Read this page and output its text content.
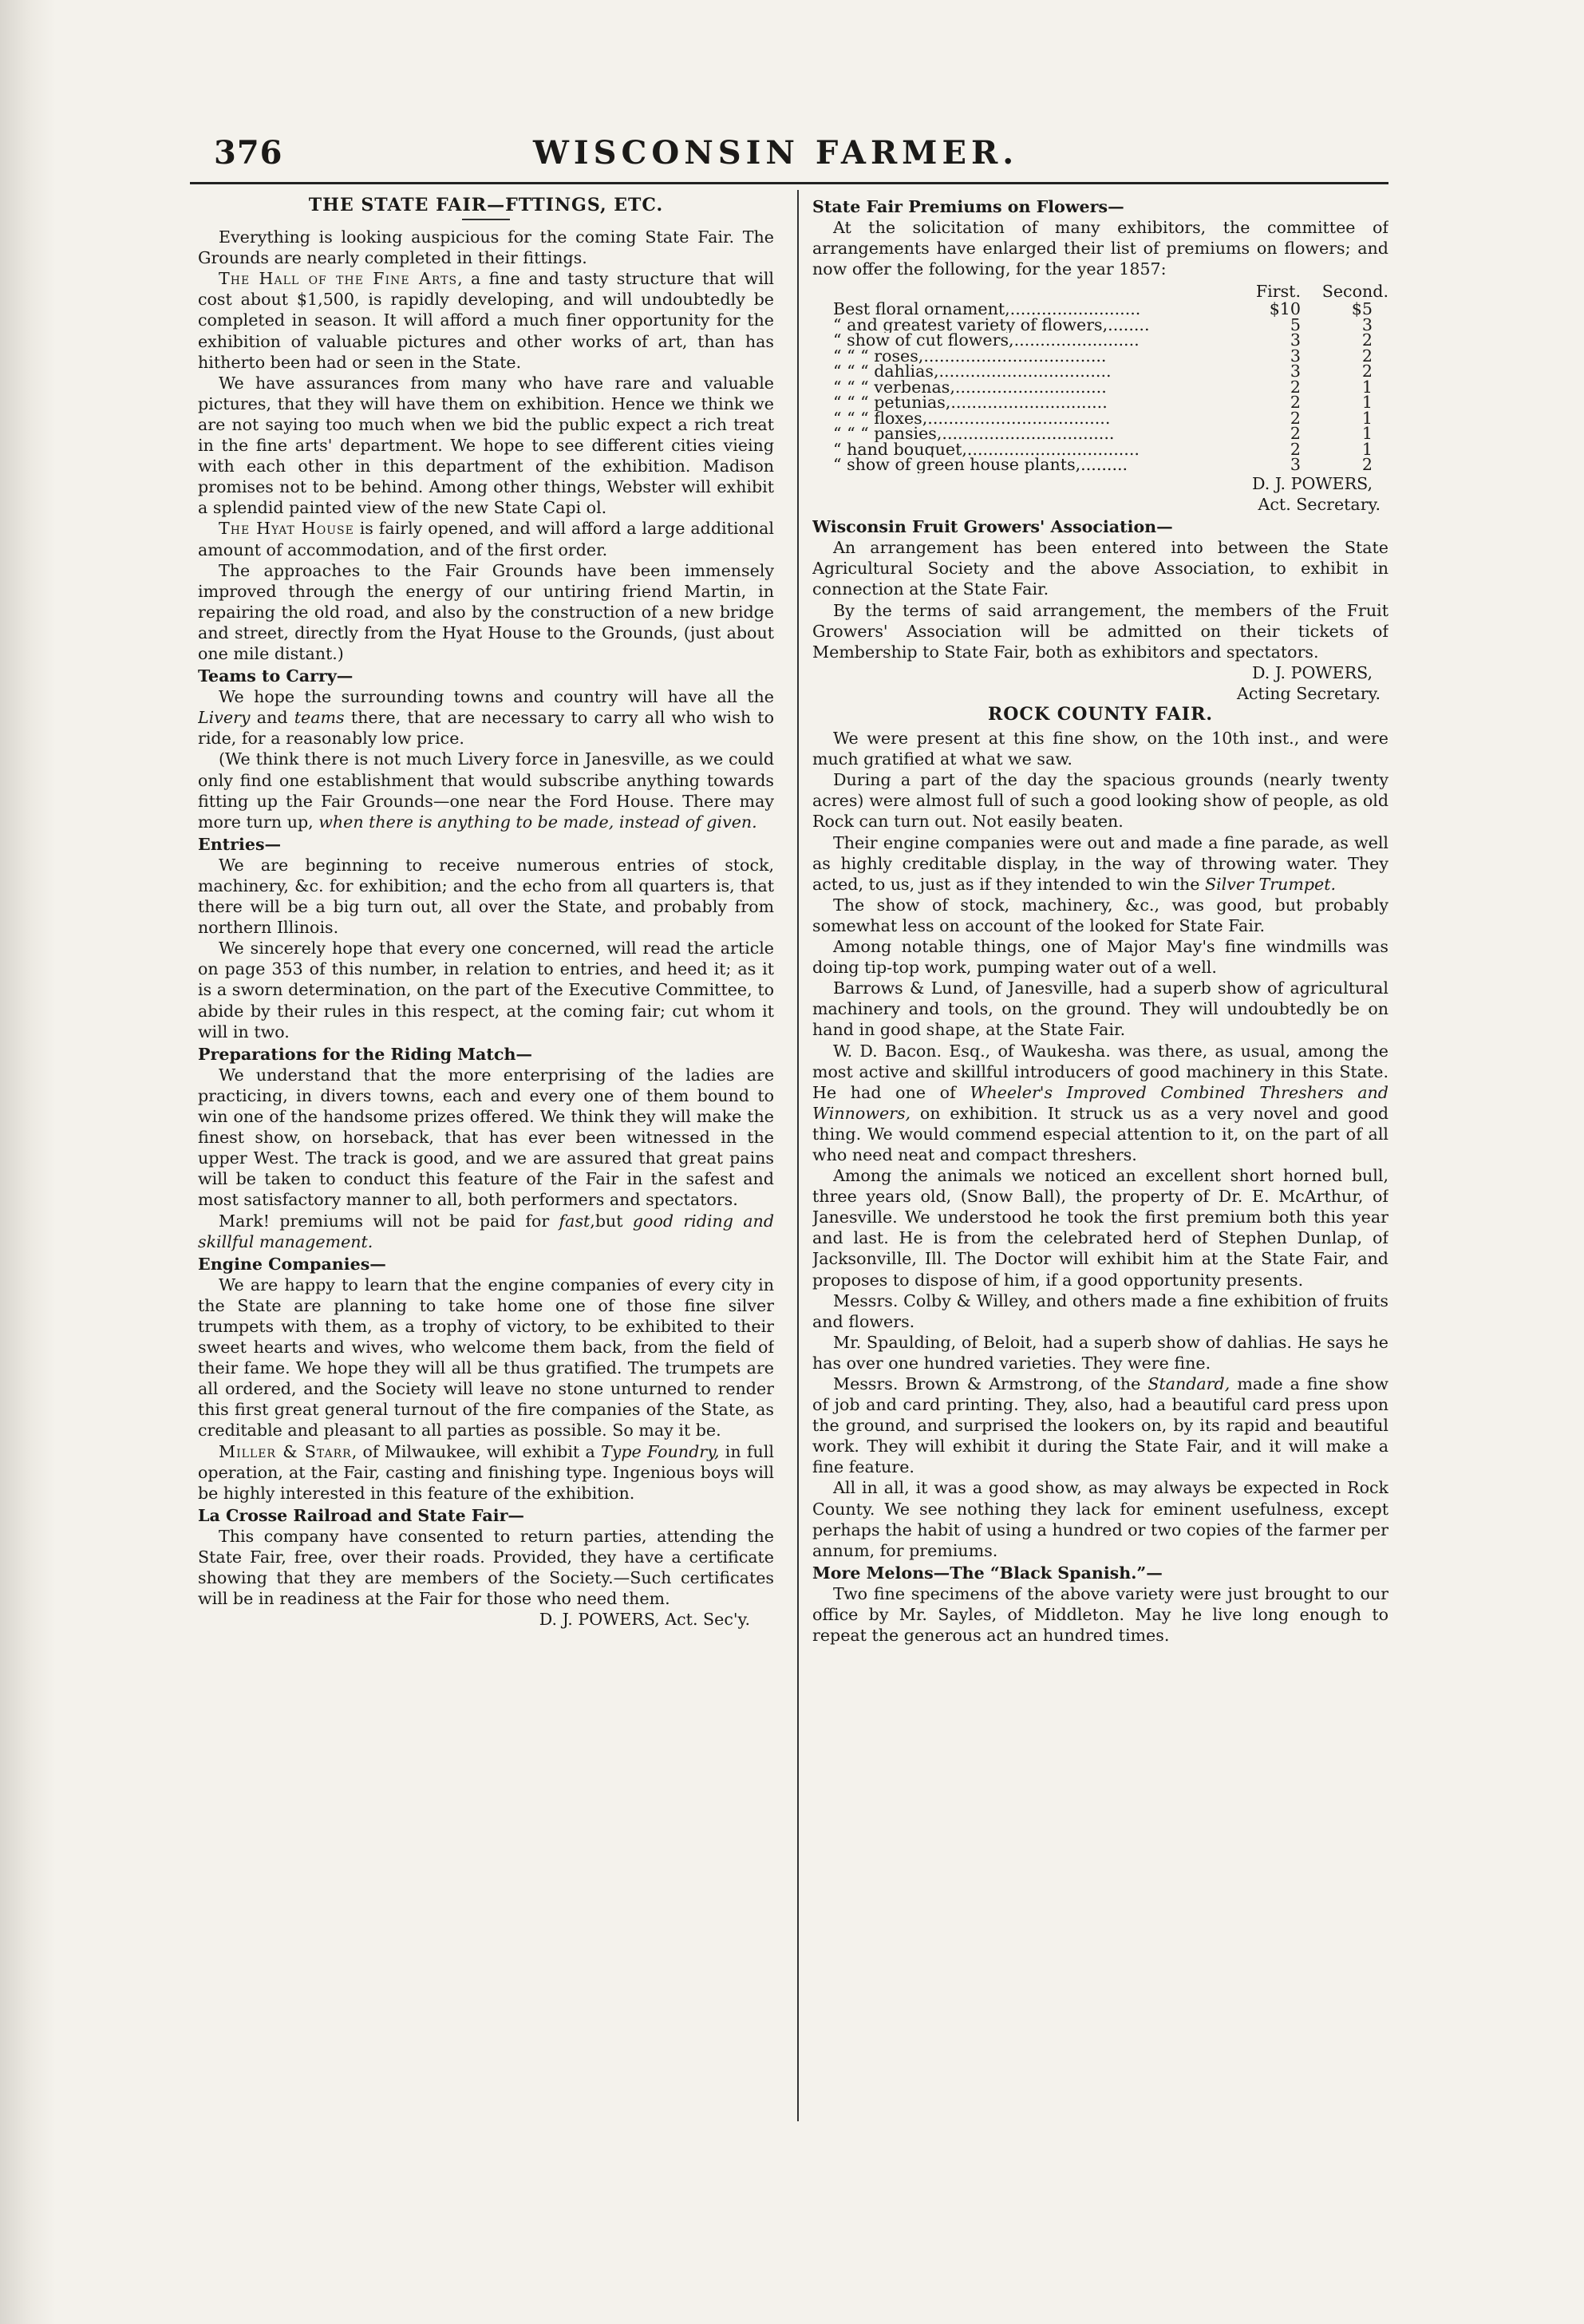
376	WISCONSIN FARMER.
THE STATE FAIR—FTTINGS, ETC.

Everything is looking auspicious for the coming State Fair. The Grounds are nearly completed in their fittings.

The Hall of the Fine Arts, a fine and tasty structure that will cost about $1,500, is rapidly developing, and will undoubtedly be completed in season. It will afford a much finer opportunity for the exhibition of valuable pictures and other works of art, than has hitherto been had or seen in the State.

We have assurances from many who have rare and valuable pictures, that they will have them on exhibition. Hence we think we are not saying too much when we bid the public expect a rich treat in the fine arts' department. We hope to see different cities vieing with each other in this department of the exhibition. Madison promises not to be behind. Among other things, Webster will exhibit a splendid painted view of the new State Capi ol.

The Hyat House is fairly opened, and will afford a large additional amount of accommodation, and of the first order.

The approaches to the Fair Grounds have been immensely improved through the energy of our untiring friend Martin, in repairing the old road, and also by the construction of a new bridge and street, directly from the Hyat House to the Grounds, (just about one mile distant.)

Teams to Carry—

We hope the surrounding towns and country will have all the Livery and teams there, that are necessary to carry all who wish to ride, for a reasonably low price.

(We think there is not much Livery force in Janesville, as we could only find one establishment that would subscribe anything towards fitting up the Fair Grounds—one near the Ford House. There may more turn up, when there is anything to be made, instead of given.

Entries—

We are beginning to receive numerous entries of stock, machinery, &c. for exhibition; and the echo from all quarters is, that there will be a big turn out, all over the State, and probably from northern Illinois.

We sincerely hope that every one concerned, will read the article on page 353 of this number, in relation to entries, and heed it; as it is a sworn determination, on the part of the Executive Committee, to abide by their rules in this respect, at the coming fair; cut whom it will in two.

Preparations for the Riding Match—

We understand that the more enterprising of the ladies are practicing, in divers towns, each and every one of them bound to win one of the handsome prizes offered. We think they will make the finest show, on horseback, that has ever been witnessed in the upper West. The track is good, and we are assured that great pains will be taken to conduct this feature of the Fair in the safest and most satisfactory manner to all, both performers and spectators.

Mark! premiums will not be paid for fast,but good riding and skillful management.

Engine Companies—

We are happy to learn that the engine companies of every city in the State are planning to take home one of those fine silver trumpets with them, as a trophy of victory, to be exhibited to their sweet hearts and wives, who welcome them back, from the field of their fame. We hope they will all be thus gratified. The trumpets are all ordered, and the Society will leave no stone unturned to render this first great general turnout of the fire companies of the State, as creditable and pleasant to all parties as possible. So may it be.

Miller & Starr, of Milwaukee, will exhibit a Type Foundry, in full operation, at the Fair, casting and finishing type. Ingenious boys will be highly interested in this feature of the exhibition.

La Crosse Railroad and State Fair—

This company have consented to return parties, attending the State Fair, free, over their roads. Provided, they have a certificate showing that they are members of the Society.—Such certificates will be in readiness at the Fair for those who need them.

D. J. POWERS, Act. Sec'y.

State Fair Premiums on Flowers—

At the solicitation of many exhibitors, the committee of arrangements have enlarged their list of premiums on flowers; and now offer the following, for the year 1857:

First.	Second.
Best floral ornament,.........................	$10	$5
“ and greatest variety of flowers,........	5	3
“ show of cut flowers,........................	3	2
“ “ “ roses,...................................	3	2
“ “ “ dahlias,.................................	3	2
“ “ “ verbenas,.............................	2	1
“ “ “ petunias,..............................	2	1
“ “ “ floxes,...................................	2	1
“ “ “ pansies,.................................	2	1
“ hand bouquet,.................................	2	1
“ show of green house plants,.........	3	2

D. J. POWERS,

Act. Secretary.

Wisconsin Fruit Growers' Association—

An arrangement has been entered into between the State Agricultural Society and the above Association, to exhibit in connection at the State Fair.

By the terms of said arrangement, the members of the Fruit Growers' Association will be admitted on their tickets of Membership to State Fair, both as exhibitors and spectators.

D. J. POWERS,

Acting Secretary.

ROCK COUNTY FAIR.

We were present at this fine show, on the 10th inst., and were much gratified at what we saw.

During a part of the day the spacious grounds (nearly twenty acres) were almost full of such a good looking show of people, as old Rock can turn out. Not easily beaten.

Their engine companies were out and made a fine parade, as well as highly creditable display, in the way of throwing water. They acted, to us, just as if they intended to win the Silver Trumpet.

The show of stock, machinery, &c., was good, but probably somewhat less on account of the looked for State Fair.

Among notable things, one of Major May's fine windmills was doing tip-top work, pumping water out of a well.

Barrows & Lund, of Janesville, had a superb show of agricultural machinery and tools, on the ground. They will undoubtedly be on hand in good shape, at the State Fair.

W. D. Bacon. Esq., of Waukesha. was there, as usual, among the most active and skillful introducers of good machinery in this State. He had one of Wheeler's Improved Combined Threshers and Winnowers, on exhibition. It struck us as a very novel and good thing. We would commend especial attention to it, on the part of all who need neat and compact threshers.

Among the animals we noticed an excellent short horned bull, three years old, (Snow Ball), the property of Dr. E. McArthur, of Janesville. We understood he took the first premium both this year and last. He is from the celebrated herd of Stephen Dunlap, of Jacksonville, Ill. The Doctor will exhibit him at the State Fair, and proposes to dispose of him, if a good opportunity presents.

Messrs. Colby & Willey, and others made a fine exhibition of fruits and flowers.

Mr. Spaulding, of Beloit, had a superb show of dahlias. He says he has over one hundred varieties. They were fine.

Messrs. Brown & Armstrong, of the Standard, made a fine show of job and card printing. They, also, had a beautiful card press upon the ground, and surprised the lookers on, by its rapid and beautiful work. They will exhibit it during the State Fair, and it will make a fine feature.

All in all, it was a good show, as may always be expected in Rock County. We see nothing they lack for eminent usefulness, except perhaps the habit of using a hundred or two copies of the farmer per annum, for premiums.

More Melons—The “Black Spanish.”—

Two fine specimens of the above variety were just brought to our office by Mr. Sayles, of Middleton. May he live long enough to repeat the generous act an hundred times.
